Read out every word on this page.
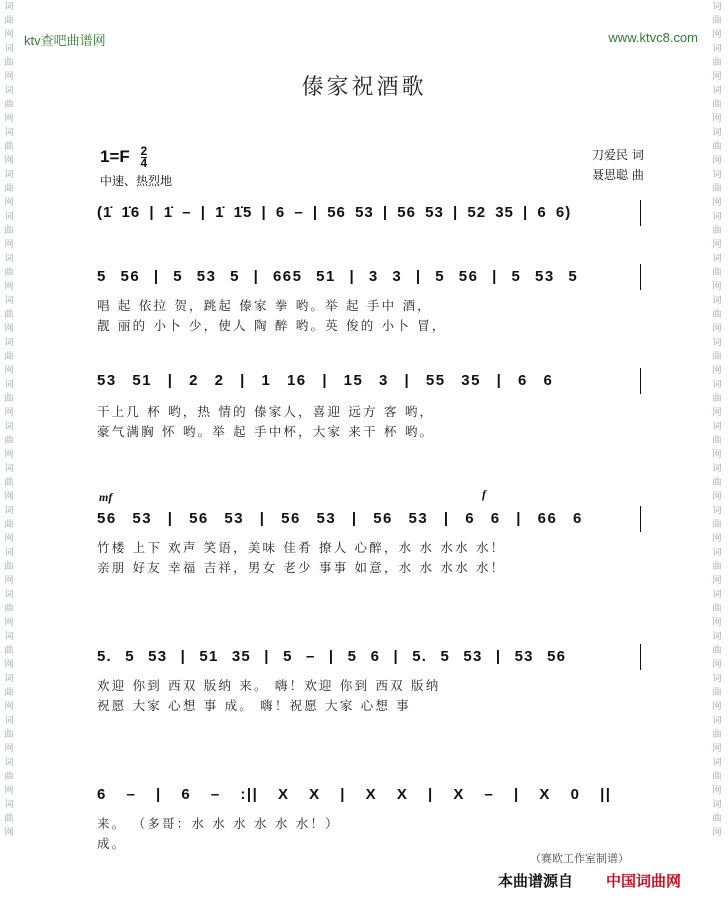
词
曲
网
词
曲
网
词
曲
网
词
曲
网
词
曲
网
词
曲
网
词
曲
网
词
曲
网
词
曲
网
词
曲
网
词
曲
网
词
曲
网
词
曲
网
词
曲
网
词
曲
网
词
曲
网
词
曲
网
词
曲
网
词
曲
网
词
曲
网
词
曲
网
词
曲
网
词
曲
网
词
曲
网
词
曲
网
词
曲
网
词
曲
网
词
曲
网
词
曲
网
词
曲
网
词
曲
网
词
曲
网
词
曲
网
词
曲
网
词
曲
网
词
曲
网
词
曲
网
词
曲
网
词
曲
网
词
曲
网
ktv查吧曲谱网	www.ktvc8.com
傣家祝酒歌
$1=F \frac{2}{4}$
中速、热烈地
刀爱民 词
聂思聪 曲
(1̇ 1̇6 | 1̇ – | 1̇ 1̇5 | 6 – | 56 53 | 56 53 | 52 35 | 6 6)
5 56 | 5 53 5 | 665 51 | 3 3 | 5 56 | 5 53 5
唱 起 依拉 贺，跳起 傣家 拳 哟。举 起 手中 酒，
靓 丽的 小卜 少，使人 陶 醉 哟。英 俊的 小卜 冒，
53 51 | 2 2 | 1 16 | 15 3 | 55 35 | 6 6
干上几 杯 哟，热 情的 傣家人，喜迎 远方 客 哟，
豪气满胸 怀 哟。举 起 手中杯，大家 来干 杯 哟。
mf	f
56 53 | 56 53 | 56 53 | 56 53 | 6 6 | 66 6
竹楼 上下 欢声 笑语，美味 佳肴 撩人 心醉，水 水 水水 水！
亲朋 好友 幸福 吉祥，男女 老少 事事 如意，水 水 水水 水！
5. 5 53 | 51 35 | 5 – | 5 6 | 5. 5 53 | 53 56
欢迎 你到 西双 版纳 来。 嗨！欢迎 你到 西双 版纳
祝愿 大家 心想 事 成。 嗨！祝愿 大家 心想 事
6 – | 6 – :|| X X | X X | X – | X 0 ||
来。 （多哥：水 水 水 水 水 水！）
成。
（赛欧工作室制谱）
本曲谱源自 中国词曲网
